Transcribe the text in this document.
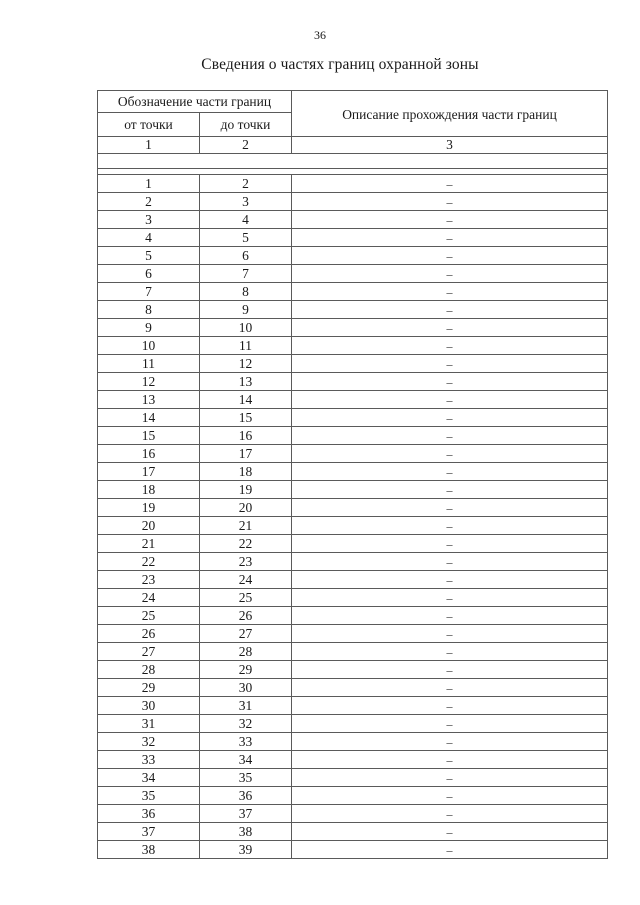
36
Сведения о частях границ охранной зоны
Обозначение части границ		Описание прохождения части границ
от точки	до точки	
1	2	3

1	2	–
2	3	–
3	4	–
4	5	–
5	6	–
6	7	–
7	8	–
8	9	–
9	10	–
10	11	–
11	12	–
12	13	–
13	14	–
14	15	–
15	16	–
16	17	–
17	18	–
18	19	–
19	20	–
20	21	–
21	22	–
22	23	–
23	24	–
24	25	–
25	26	–
26	27	–
27	28	–
28	29	–
29	30	–
30	31	–
31	32	–
32	33	–
33	34	–
34	35	–
35	36	–
36	37	–
37	38	–
38	39	–
